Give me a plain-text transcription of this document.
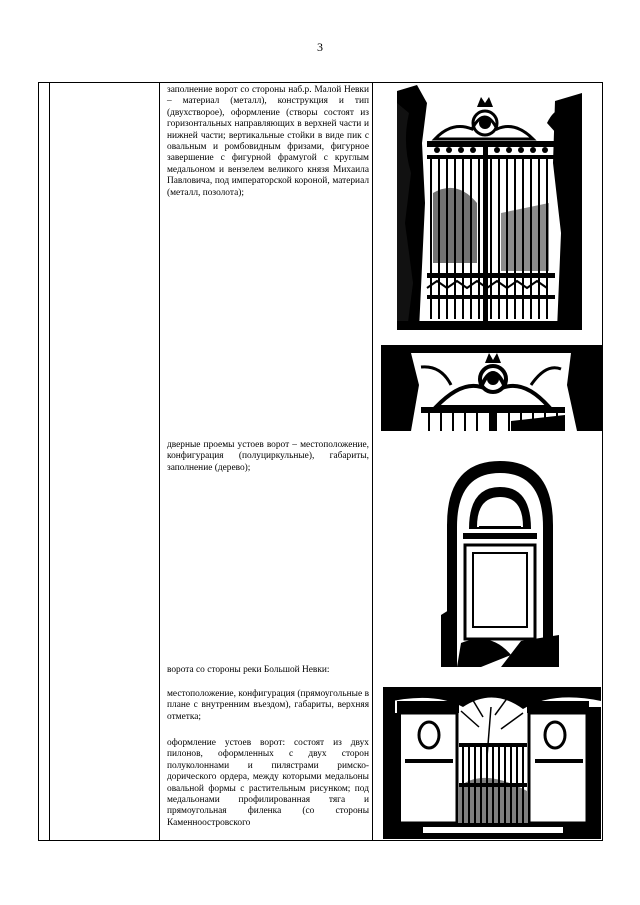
3

заполнение ворот со стороны наб.р. Малой Невки – материал (металл), конструкция и тип (двухстворое), оформление (створы состоят из горизонтальных направляющих в верхней части и нижней части; вертикальные стойки в виде пик с овальным и ромбовидным фризами, фигурное завершение с фигурной фрамугой с круглым медальоном и вензелем великого князя Михаила Павловича, под императорской короной, материал (металл, позолота);

дверные проемы устоев ворот – местоположение, конфигурация (полуциркульные), габариты, заполнение (дерево);

ворота со стороны реки Большой Невки:

местоположение, конфигурация (прямоугольные в плане с внутренним въездом), габариты, верхняя отметка;

оформление устоев ворот: состоят из двух пилонов, оформленных с двух сторон полуколоннами и пилястрами римско-дорического ордера, между которыми медальоны овальной формы с растительным рисунком; под медальонами профилированная тяга и прямоугольная филенка (со стороны Каменноостровского
